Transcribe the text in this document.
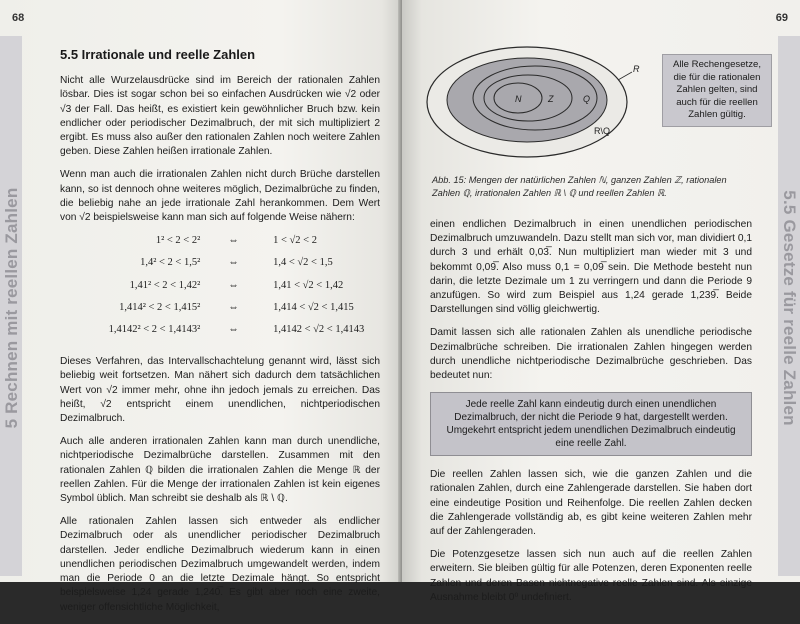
68
5 Rechnen mit reellen Zahlen
5.5 Irrationale und reelle Zahlen

Nicht alle Wurzelausdrücke sind im Bereich der rationalen Zahlen lösbar. Dies ist sogar schon bei so einfachen Ausdrücken wie √2 oder √3 der Fall. Das heißt, es existiert kein gewöhnlicher Bruch bzw. kein endlicher oder periodischer Dezimalbruch, der mit sich multipliziert 2 ergibt. Es muss also außer den rationalen Zahlen noch weitere Zahlen geben. Diese Zahlen heißen irrationale Zahlen.

Wenn man auch die irrationalen Zahlen nicht durch Brüche darstellen kann, so ist dennoch ohne weiteres möglich, Dezimalbrüche zu finden, die beliebig nahe an jede irrationale Zahl herankommen. Dem Wert von √2 beispielsweise kann man sich auf folgende Weise nähern:

1² < 2 < 2²	⇔	1 < √2 < 2
1,4² < 2 < 1,5²	⇔	1,4 < √2 < 1,5
1,41² < 2 < 1,42²	⇔	1,41 < √2 < 1,42
1,414² < 2 < 1,415²	⇔	1,414 < √2 < 1,415
1,4142² < 2 < 1,4143²	⇔	1,4142 < √2 < 1,4143

Dieses Verfahren, das Intervallschachtelung genannt wird, lässt sich beliebig weit fortsetzen. Man nähert sich dadurch dem tatsächlichen Wert von √2 immer mehr, ohne ihn jedoch jemals zu erreichen. Das heißt, √2 entspricht einem unendlichen, nichtperiodischen Dezimalbruch.

Auch alle anderen irrationalen Zahlen kann man durch unendliche, nichtperiodische Dezimalbrüche darstellen. Zusammen mit den rationalen Zahlen ℚ bilden die irrationalen Zahlen die Menge ℝ der reellen Zahlen. Für die Menge der irrationalen Zahlen ist kein eigenes Symbol üblich. Man schreibt sie deshalb als ℝ \ ℚ.

Alle rationalen Zahlen lassen sich entweder als endlicher Dezimalbruch oder als unendlicher periodischer Dezimalbruch darstellen. Jeder endliche Dezimalbruch wiederum kann in einen unendlichen periodischen Dezimalbruch umgewandelt werden, indem man die Periode 0 an die letzte Dezimale hängt. So entspricht beispielsweise 1,24 gerade 1,240̅. Es gibt aber noch eine zweite, weniger offensichtliche Möglichkeit,

69
5.5 Gesetze für reelle Zahlen
N	Z	Q
R\Q
R
Abb. 15: Mengen der natürlichen Zahlen ℕ, ganzen Zahlen ℤ, rationalen Zahlen ℚ, irrationalen Zahlen ℝ \ ℚ und reellen Zahlen ℝ.
Alle Rechengesetze, die für die rationalen Zahlen gelten, sind auch für die reellen Zahlen gültig.

einen endlichen Dezimalbruch in einen unendlichen periodischen Dezimalbruch umzuwandeln. Dazu stellt man sich vor, man dividiert 0,1 durch 3 und erhält 0,03̅. Nun multipliziert man wieder mit 3 und bekommt 0,09̅. Also muss 0,1 = 0,09̅ sein. Die Methode besteht nun darin, die letzte Dezimale um 1 zu verringern und dann die Periode 9 anzufügen. So wird zum Beispiel aus 1,24 gerade 1,239̅. Beide Darstellungen sind völlig gleichwertig.

Damit lassen sich alle rationalen Zahlen als unendliche periodische Dezimalbrüche schreiben. Die irrationalen Zahlen hingegen werden durch unendliche nichtperiodische Dezimalbrüche geschrieben. Das bedeutet nun:

Jede reelle Zahl kann eindeutig durch einen unendlichen Dezimalbruch, der nicht die Periode 9 hat, dargestellt werden. Umgekehrt entspricht jedem unendlichen Dezimalbruch eindeutig eine reelle Zahl.

Die reellen Zahlen lassen sich, wie die ganzen Zahlen und die rationalen Zahlen, durch eine Zahlengerade darstellen. Sie haben dort eine eindeutige Position und Reihenfolge. Die reellen Zahlen decken die Zahlengerade vollständig ab, es gibt keine weiteren Zahlen mehr auf der Zahlengeraden.

Die Potenzgesetze lassen sich nun auch auf die reellen Zahlen erweitern. Sie bleiben gültig für alle Potenzen, deren Exponenten reelle Zahlen und deren Basen nichtnegative reelle Zahlen sind. Als einzige Ausnahme bleibt 0⁰ undefiniert.
